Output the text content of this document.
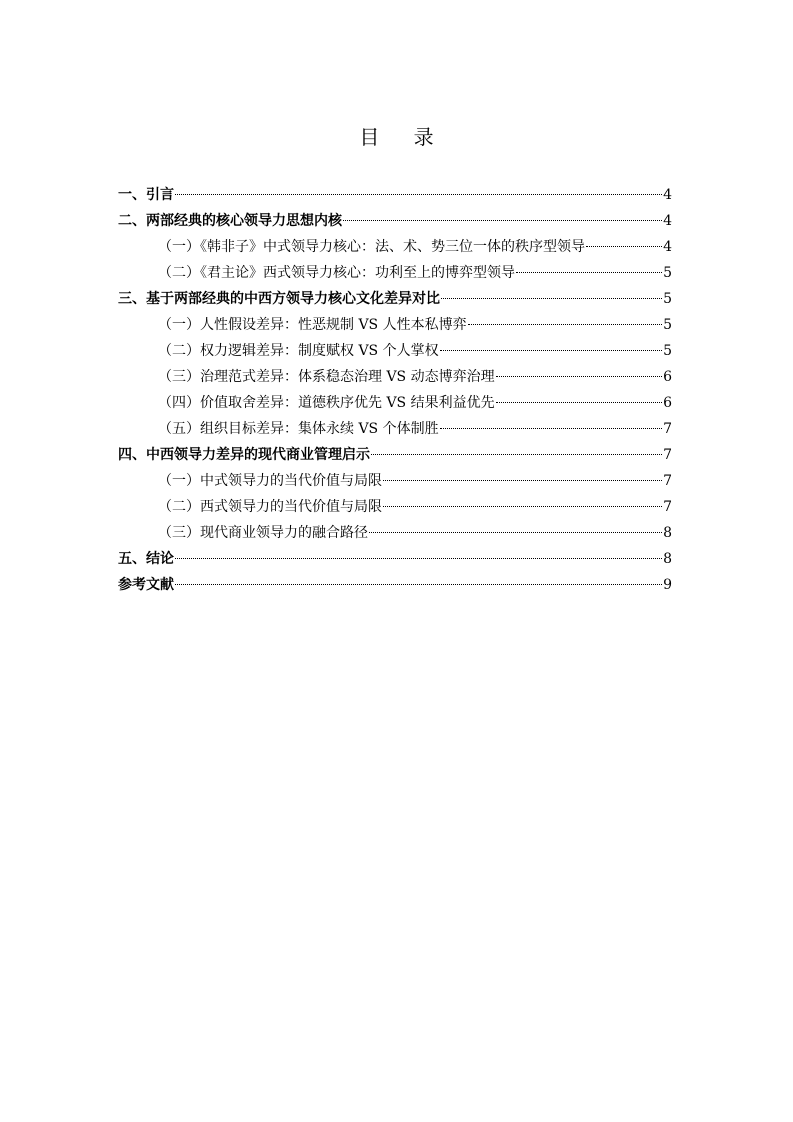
目 录
一、引言	4
二、两部经典的核心领导力思想内核	4
（一）《韩非子》中式领导力核心：法、术、势三位一体的秩序型领导	4
（二）《君主论》西式领导力核心：功利至上的博弈型领导	5
三、基于两部经典的中西方领导力核心文化差异对比	5
（一）人性假设差异：性恶规制 VS 人性本私博弈	5
（二）权力逻辑差异：制度赋权 VS 个人掌权	5
（三）治理范式差异：体系稳态治理 VS 动态博弈治理	6
（四）价值取舍差异：道德秩序优先 VS 结果利益优先	6
（五）组织目标差异：集体永续 VS 个体制胜	7
四、中西领导力差异的现代商业管理启示	7
（一）中式领导力的当代价值与局限	7
（二）西式领导力的当代价值与局限	7
（三）现代商业领导力的融合路径	8
五、结论	8
参考文献	9
